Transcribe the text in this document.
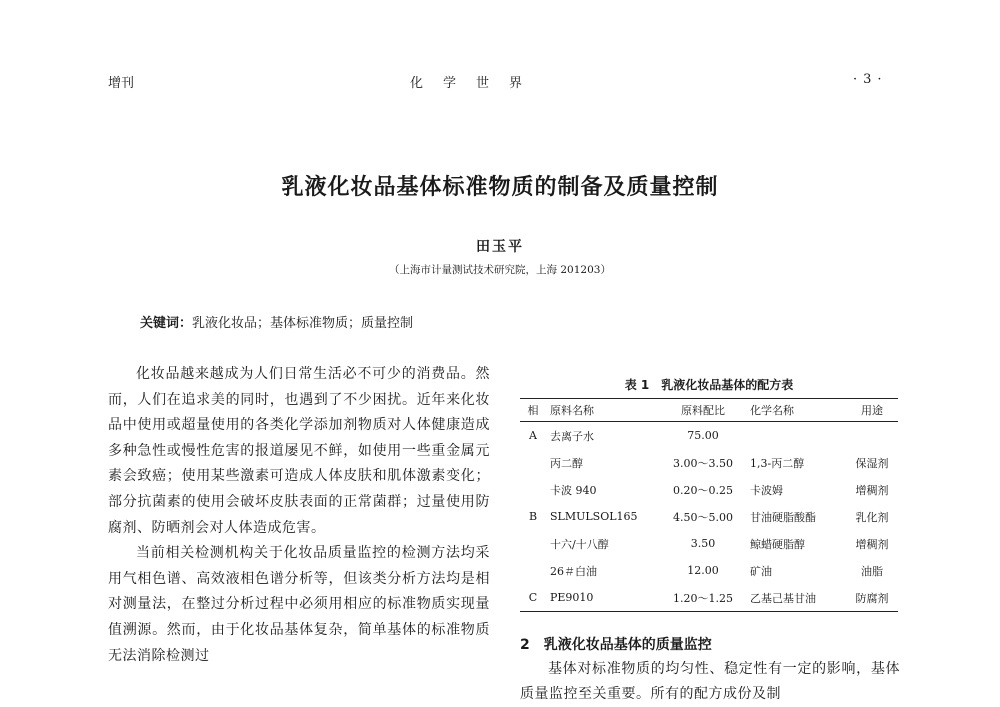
增刊	化学世界	·3·
乳液化妆品基体标准物质的制备及质量控制
田玉平
（上海市计量测试技术研究院，上海 201203）
关键词：乳液化妆品；基体标准物质；质量控制

化妆品越来越成为人们日常生活必不可少的消费品。然而，人们在追求美的同时，也遇到了不少困扰。近年来化妆品中使用或超量使用的各类化学添加剂物质对人体健康造成多种急性或慢性危害的报道屡见不鲜，如使用一些重金属元素会致癌；使用某些激素可造成人体皮肤和肌体激素变化；部分抗菌素的使用会破坏皮肤表面的正常菌群；过量使用防腐剂、防晒剂会对人体造成危害。

当前相关检测机构关于化妆品质量监控的检测方法均采用气相色谱、高效液相色谱分析等，但该类分析方法均是相对测量法，在整过分析过程中必须用相应的标准物质实现量值溯源。然而，由于化妆品基体复杂，简单基体的标准物质无法消除检测过

表 1　乳液化妆品基体的配方表
相	原料名称	原料配比	化学名称	用途
A	去离子水	75.00		
	丙二醇	3.00～3.50	1,3-丙二醇	保湿剂
	卡波 940	0.20～0.25	卡波姆	增稠剂
B	SLMULSOL165	4.50～5.00	甘油硬脂酸酯	乳化剂
	十六/十八醇	3.50	鲸蜡硬脂醇	增稠剂
	26＃白油	12.00	矿油	油脂
C	PE9010	1.20～1.25	乙基己基甘油	防腐剂
2　乳液化妆品基体的质量监控

基体对标准物质的均匀性、稳定性有一定的影响，基体质量监控至关重要。所有的配方成份及制
